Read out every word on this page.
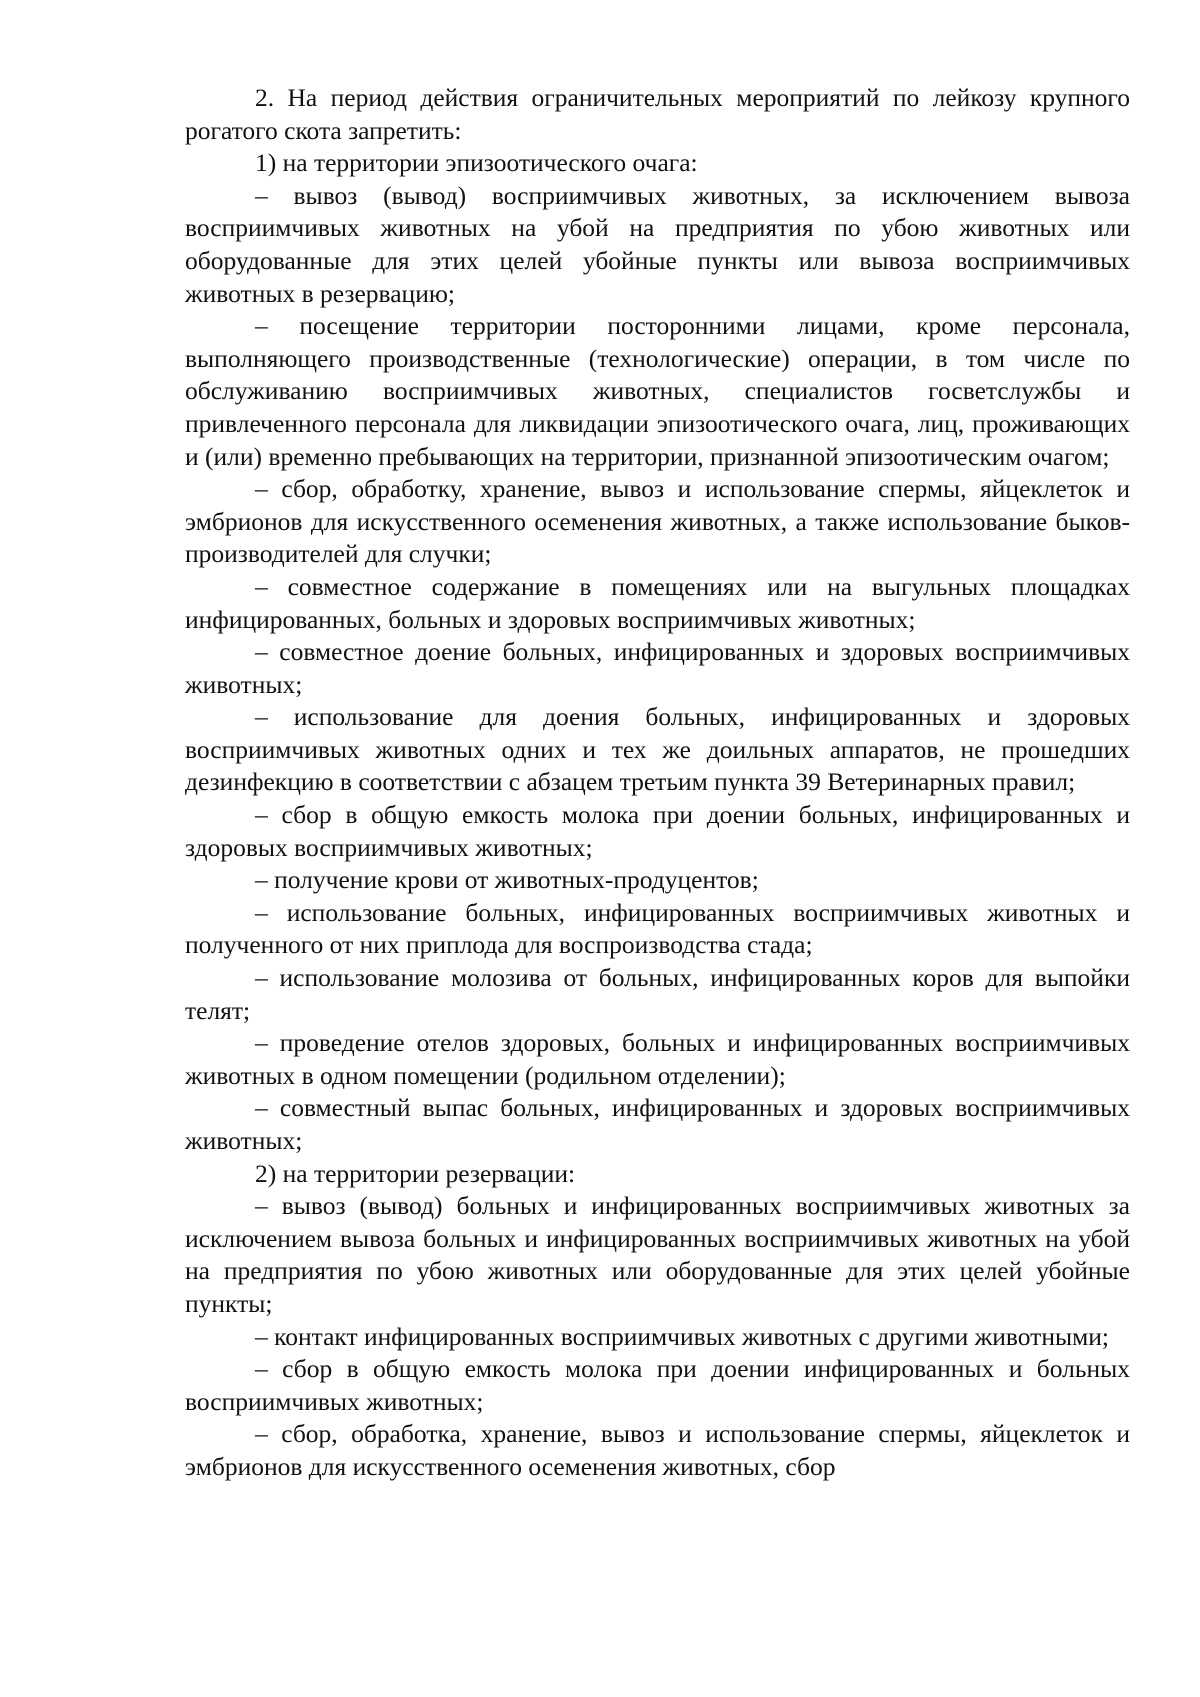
2. На период действия ограничительных мероприятий по лейкозу крупного рогатого скота запретить:

1) на территории эпизоотического очага:

– вывоз (вывод) восприимчивых животных, за исключением вывоза восприимчивых животных на убой на предприятия по убою животных или оборудованные для этих целей убойные пункты или вывоза восприимчивых животных в резервацию;

– посещение территории посторонними лицами, кроме персонала, выполняющего производственные (технологические) операции, в том числе по обслуживанию восприимчивых животных, специалистов госветслужбы и привлеченного персонала для ликвидации эпизоотического очага, лиц, проживающих и (или) временно пребывающих на территории, признанной эпизоотическим очагом;

– сбор, обработку, хранение, вывоз и использование спермы, яйцеклеток и эмбрионов для искусственного осеменения животных, а также использование быков-производителей для случки;

– совместное содержание в помещениях или на выгульных площадках инфицированных, больных и здоровых восприимчивых животных;

– совместное доение больных, инфицированных и здоровых восприимчивых животных;

– использование для доения больных, инфицированных и здоровых восприимчивых животных одних и тех же доильных аппаратов, не прошедших дезинфекцию в соответствии с абзацем третьим пункта 39 Ветеринарных правил;

– сбор в общую емкость молока при доении больных, инфицированных и здоровых восприимчивых животных;

– получение крови от животных-продуцентов;

– использование больных, инфицированных восприимчивых животных и полученного от них приплода для воспроизводства стада;

– использование молозива от больных, инфицированных коров для выпойки телят;

– проведение отелов здоровых, больных и инфицированных восприимчивых животных в одном помещении (родильном отделении);

– совместный выпас больных, инфицированных и здоровых восприимчивых животных;

2) на территории резервации:

– вывоз (вывод) больных и инфицированных восприимчивых животных за исключением вывоза больных и инфицированных восприимчивых животных на убой на предприятия по убою животных или оборудованные для этих целей убойные пункты;

– контакт инфицированных восприимчивых животных с другими животными;

– сбор в общую емкость молока при доении инфицированных и больных восприимчивых животных;

– сбор, обработка, хранение, вывоз и использование спермы, яйцеклеток и эмбрионов для искусственного осеменения животных, сбор
